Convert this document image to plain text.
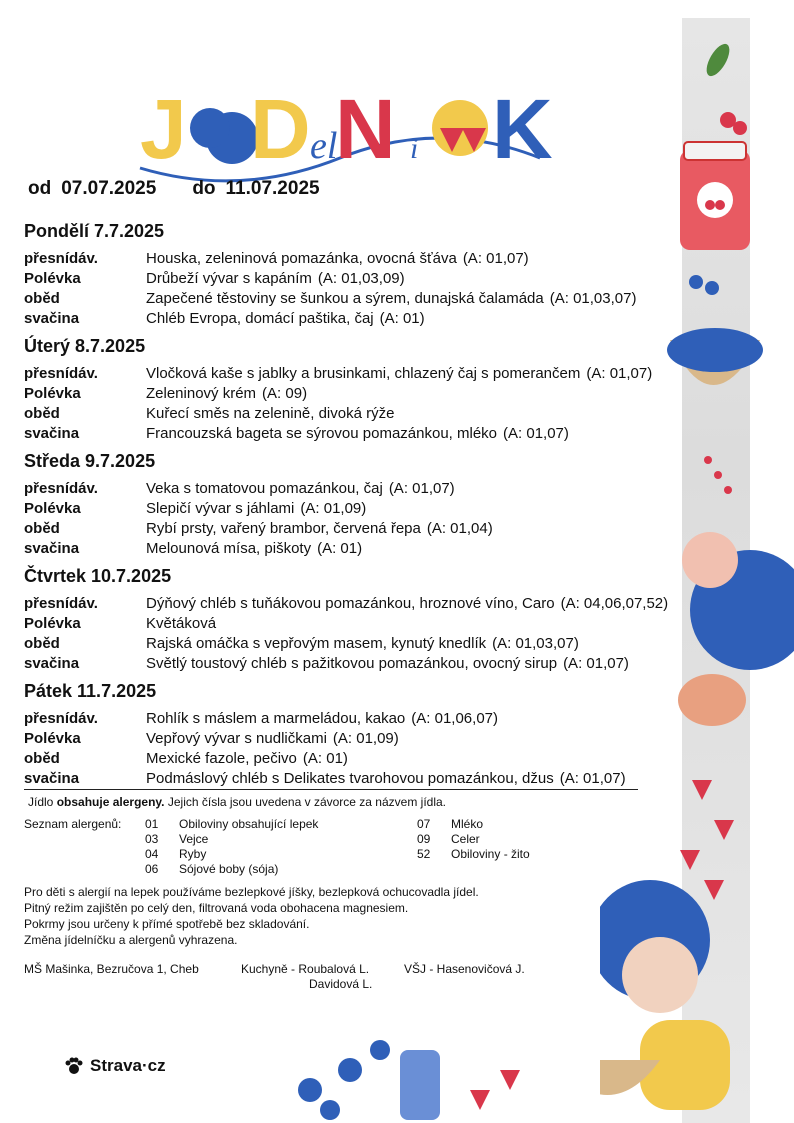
J D el
N i K
od 07.07.2025 do 11.07.2025
Pondělí 7.7.2025
přesnídáv.	Houska, zeleninová pomazánka, ovocná šťáva (A: 01,07)
Polévka	Drůbeží vývar s kapáním (A: 01,03,09)
oběd	Zapečené těstoviny se šunkou a sýrem, dunajská čalamáda (A: 01,03,07)
svačina	Chléb Evropa, domácí paštika, čaj (A: 01)
Úterý 8.7.2025
přesnídáv.	Vločková kaše s jablky a brusinkami, chlazený čaj s pomerančem (A: 01,07)
Polévka	Zeleninový krém (A: 09)
oběd	Kuřecí směs na zelenině, divoká rýže
svačina	Francouzská bageta se sýrovou pomazánkou, mléko (A: 01,07)
Středa 9.7.2025
přesnídáv.	Veka s tomatovou pomazánkou, čaj (A: 01,07)
Polévka	Slepičí vývar s jáhlami (A: 01,09)
oběd	Rybí prsty, vařený brambor, červená řepa (A: 01,04)
svačina	Melounová mísa, piškoty (A: 01)
Čtvrtek 10.7.2025
přesnídáv.	Dýňový chléb s tuňákovou pomazánkou, hroznové víno, Caro (A: 04,06,07,52)
Polévka	Květáková
oběd	Rajská omáčka s vepřovým masem, kynutý knedlík (A: 01,03,07)
svačina	Světlý toustový chléb s pažitkovou pomazánkou, ovocný sirup (A: 01,07)
Pátek 11.7.2025
přesnídáv.	Rohlík s máslem a marmeládou, kakao (A: 01,06,07)
Polévka	Vepřový vývar s nudličkami (A: 01,09)
oběd	Mexické fazole, pečivo (A: 01)
svačina	Podmáslový chléb s Delikates tvarohovou pomazánkou, džus (A: 01,07)
Jídlo obsahuje alergeny. Jejich čísla jsou uvedena v závorce za názvem jídla.
Seznam alergenů: 01	Obiloviny obsahující lepek
03	Vejce
04	Ryby
06	Sójové boby (sója)
07	Mléko
09	Celer
52	Obiloviny - žito
Pro děti s alergií na lepek používáme bezlepkové jíšky, bezlepková ochucovadla jídel.
Pitný režim zajištěn po celý den, filtrovaná voda obohacena magnesiem.
Pokrmy jsou určeny k přímé spotřebě bez skladování.
Změna jídelníčku a alergenů vyhrazena.
MŠ Mašinka, Bezručova 1, Cheb	Kuchyně - Roubalová L.
Davidová L.
VŠJ - Hasenovičová J.
Strava·cz
